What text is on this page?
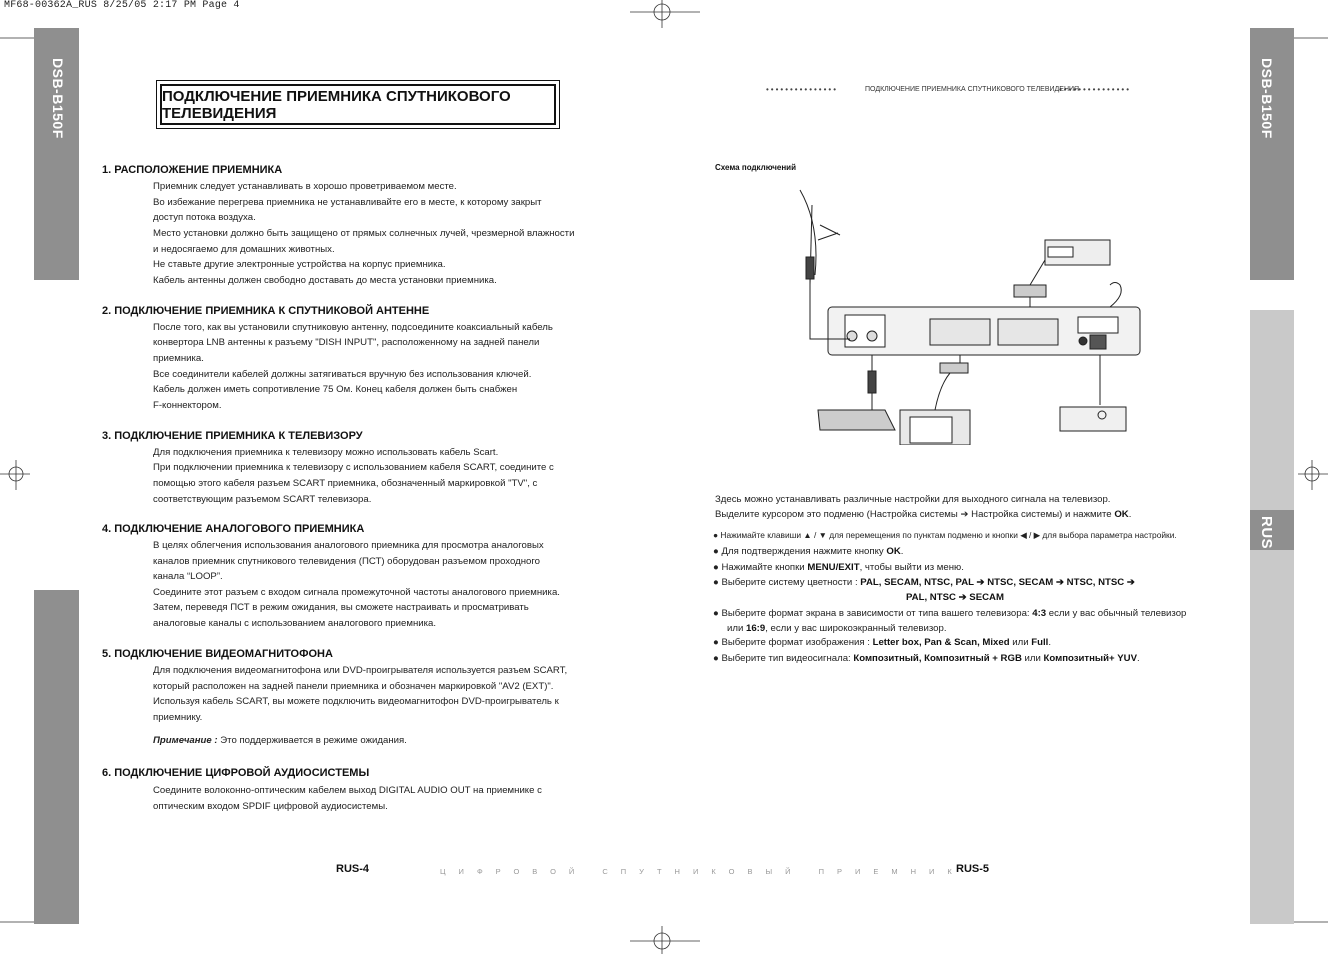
MF68-00362A_RUS 8/25/05 2:17 PM Page 4
DSB-B150F	DSB-B150F
RUS
ПОДКЛЮЧЕНИЕ ПРИЕМНИКА СПУТНИКОВОГО ТЕЛЕВИДЕНИЯ
1. РАСПОЛОЖЕНИЕ ПРИЕМНИКА
Приемник следует устанавливать в хорошо проветриваемом месте.
Во избежание перегрева приемника не устанавливайте его в месте, к которому закрыт
доступ потока воздуха.
Место установки должно быть защищено от прямых солнечных лучей, чрезмерной влажности
и недосягаемо для домашних животных.
Не ставьте другие электронные устройства на корпус приемника.
Кабель антенны должен свободно доставать до места установки приемника.
2. ПОДКЛЮЧЕНИЕ ПРИЕМНИКА К СПУТНИКОВОЙ АНТЕННЕ
После того, как вы установили спутниковую антенну, подсоедините коаксиальный кабель
конвертора LNB антенны к разъему "DISH INPUT", расположенному на задней панели
приемника.
Все соединители кабелей должны затягиваться вручную без использования ключей.
Кабель должен иметь сопротивление 75 Ом. Конец кабеля должен быть снабжен
F-коннектором.
3. ПОДКЛЮЧЕНИЕ ПРИЕМНИКА К ТЕЛЕВИЗОРУ
Для подключения приемника к телевизору можно использовать кабель Scart.
При подключении приемника к телевизору с использованием кабеля SCART, соедините с
помощью этого кабеля разъем SCART приемника, обозначенный маркировкой "TV", с
соответствующим разъемом SCART телевизора.
4. ПОДКЛЮЧЕНИЕ АНАЛОГОВОГО ПРИЕМНИКА
В целях облегчения использования аналогового приемника для просмотра аналоговых
каналов приемник спутникового телевидения (ПСТ) оборудован разъемом проходного
канала “LOOP”.
Соедините этот разъем с входом сигнала промежуточной частоты аналогового приемника.
Затем, переведя ПСТ в режим ожидания, вы сможете настраивать и просматривать
аналоговые каналы с использованием аналогового приемника.
5. ПОДКЛЮЧЕНИЕ ВИДЕОМАГНИТОФОНА
Для подключения видеомагнитофона или DVD-проигрывателя используется разъем SCART,
который расположен на задней панели приемника и обозначен маркировкой "AV2 (EXT)".
Используя кабель SCART, вы можете подключить видеомагнитофон DVD-проигрыватель к
приемнику.
Примечание : Это поддерживается в режиме ожидания.
6. ПОДКЛЮЧЕНИЕ ЦИФРОВОЙ АУДИОСИСТЕМЫ
Соедините волоконно-оптическим кабелем выход DIGITAL AUDIO OUT на приемнике с
оптическим входом SPDIF цифровой аудиосистемы.
•••••••••••••••	ПОДКЛЮЧЕНИЕ ПРИЕМНИКА СПУТНИКОВОГО ТЕЛЕВИДЕНИЯ
•••••••••••••••
Схема подключений
Здесь можно устанавливать различные настройки для выходного сигнала на телевизор.
Выделите курсором это подменю (Настройка системы ➔ Настройка системы) и нажмите OK.
● Нажимайте клавиши ▲ / ▼ для перемещения по пунктам подменю и кнопки ◀ / ▶ для выбора параметра настройки.
● Для подтверждения нажмите кнопку OK.
● Нажимайте кнопки MENU/EXIT, чтобы выйти из меню.
● Выберите систему цветности : PAL, SECAM, NTSC, PAL ➔ NTSC, SECAM ➔ NTSC, NTSC ➔
PAL, NTSC ➔ SECAM
● Выберите формат экрана в зависимости от типа вашего телевизора: 4:3 если у вас обычный телевизор
или 16:9, если у вас широкоэкранный телевизор.
● Выберите формат изображения : Letter box, Pan & Scan, Mixed или Full.
● Выберите тип видеосигнала: Композитный, Композитный + RGB или Композитный+ YUV.
RUS-4	ЦИФРОВОЙ СПУТНИКОВЫЙ ПРИЕМНИК
RUS-5
